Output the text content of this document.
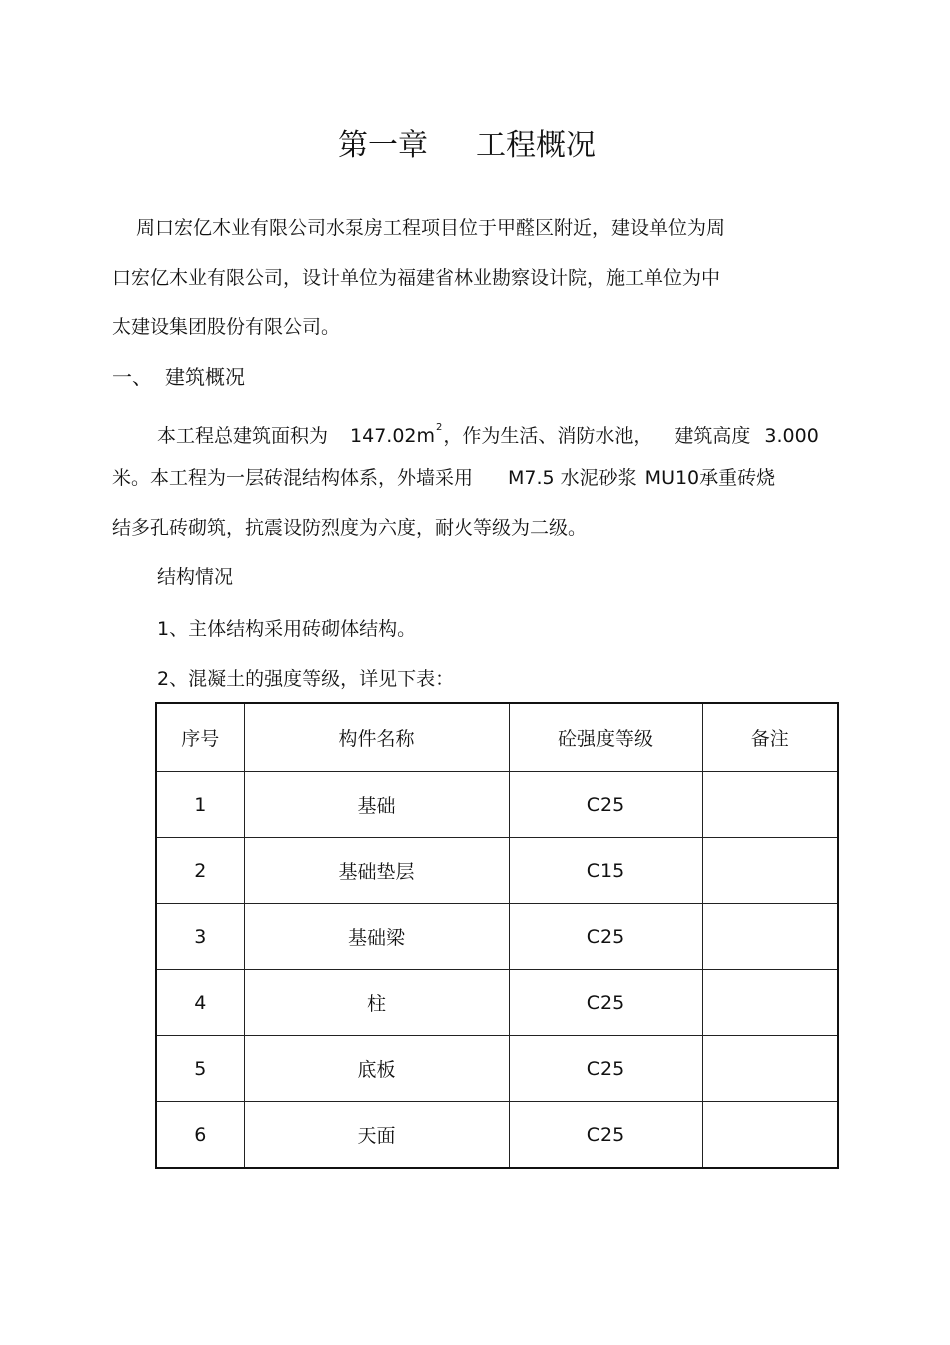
第一章 工程概况
周口宏亿木业有限公司水泵房工程项目位于甲醛区附近，建设单位为周
口宏亿木业有限公司，设计单位为福建省林业勘察设计院，施工单位为中
太建设集团股份有限公司。
一、 建筑概况
本工程总建筑面积为 $147.02m^2$，作为生活、消防水池， 建筑高度 3.000
米。本工程为一层砖混结构体系，外墙采用 M7.5 水泥砂浆 MU10承重砖烧
结多孔砖砌筑，抗震设防烈度为六度，耐火等级为二级。
结构情况
1、主体结构采用砖砌体结构。
2、混凝土的强度等级，详见下表：
序号	构件名称	砼强度等级	备注
1	基础	C25	
2	基础垫层	C15	
3	基础梁	C25	
4	柱	C25	
5	底板	C25	
6	天面	C25	
